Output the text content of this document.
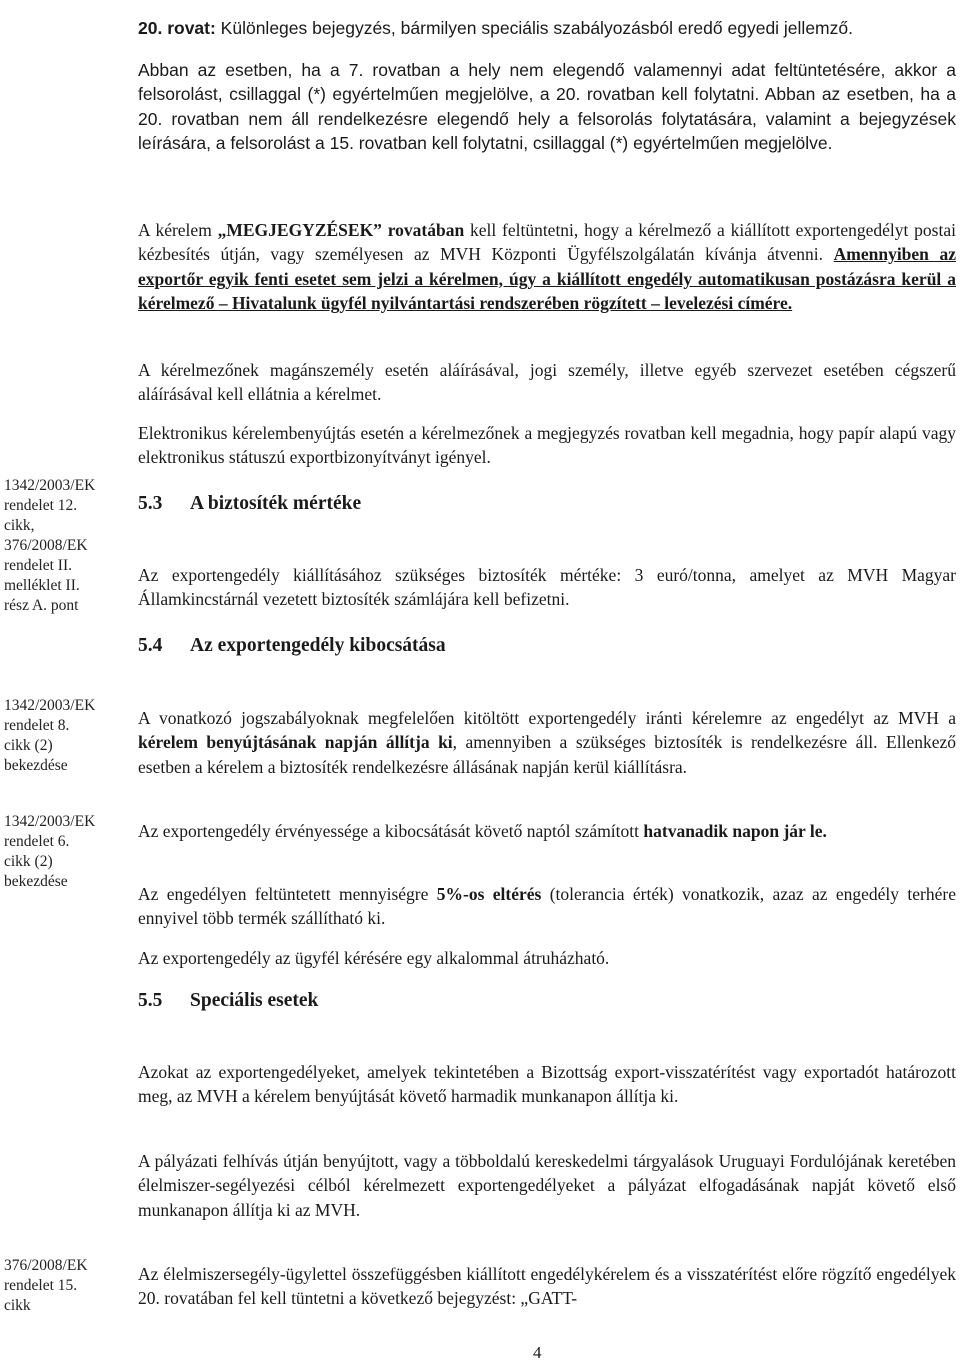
1342/2003/EK
rendelet 12.
cikk,
376/2008/EK
rendelet II.
melléklet II.
rész A. pont
1342/2003/EK
rendelet 8.
cikk (2)
bekezdése
1342/2003/EK
rendelet 6.
cikk (2)
bekezdése
376/2008/EK
rendelet 15.
cikk

20. rovat: Különleges bejegyzés, bármilyen speciális szabályozásból eredő egyedi jellemző.

Abban az esetben, ha a 7. rovatban a hely nem elegendő valamennyi adat feltüntetésére, akkor a felsorolást, csillaggal (*) egyértelműen megjelölve, a 20. rovatban kell folytatni. Abban az esetben, ha a 20. rovatban nem áll rendelkezésre elegendő hely a felsorolás folytatására, valamint a bejegyzések leírására, a felsorolást a 15. rovatban kell folytatni, csillaggal (*) egyértelműen megjelölve.

A kérelem „MEGJEGYZÉSEK” rovatában kell feltüntetni, hogy a kérelmező a kiállított exportengedélyt postai kézbesítés útján, vagy személyesen az MVH Központi Ügyfélszolgálatán kívánja átvenni. Amennyiben az exportőr egyik fenti esetet sem jelzi a kérelmen, úgy a kiállított engedély automatikusan postázásra kerül a kérelmező – Hivatalunk ügyfél nyilvántartási rendszerében rögzített – levelezési címére.

A kérelmezőnek magánszemély esetén aláírásával, jogi személy, illetve egyéb szervezet esetében cégszerű aláírásával kell ellátnia a kérelmet.

Elektronikus kérelembenyújtás esetén a kérelmezőnek a megjegyzés rovatban kell megadnia, hogy papír alapú vagy elektronikus státuszú exportbizonyítványt igényel.

5.3 A biztosíték mértéke

Az exportengedély kiállításához szükséges biztosíték mértéke: 3 euró/tonna, amelyet az MVH Magyar Államkincstárnál vezetett biztosíték számlájára kell befizetni.

5.4 Az exportengedély kibocsátása

A vonatkozó jogszabályoknak megfelelően kitöltött exportengedély iránti kérelemre az engedélyt az MVH a kérelem benyújtásának napján állítja ki, amennyiben a szükséges biztosíték is rendelkezésre áll. Ellenkező esetben a kérelem a biztosíték rendelkezésre állásának napján kerül kiállításra.

Az exportengedély érvényessége a kibocsátását követő naptól számított hatvanadik napon jár le.

Az engedélyen feltüntetett mennyiségre 5%-os eltérés (tolerancia érték) vonatkozik, azaz az engedély terhére ennyivel több termék szállítható ki.

Az exportengedély az ügyfél kérésére egy alkalommal átruházható.

5.5 Speciális esetek

Azokat az exportengedélyeket, amelyek tekintetében a Bizottság export-visszatérítést vagy exportadót határozott meg, az MVH a kérelem benyújtását követő harmadik munkanapon állítja ki.

A pályázati felhívás útján benyújtott, vagy a többoldalú kereskedelmi tárgyalások Uruguayi Fordulójának keretében élelmiszer-segélyezési célból kérelmezett exportengedélyeket a pályázat elfogadásának napját követő első munkanapon állítja ki az MVH.

Az élelmiszersegély-ügylettel összefüggésben kiállított engedélykérelem és a visszatérítést előre rögzítő engedélyek 20. rovatában fel kell tüntetni a következő bejegyzést: „GATT-

4
